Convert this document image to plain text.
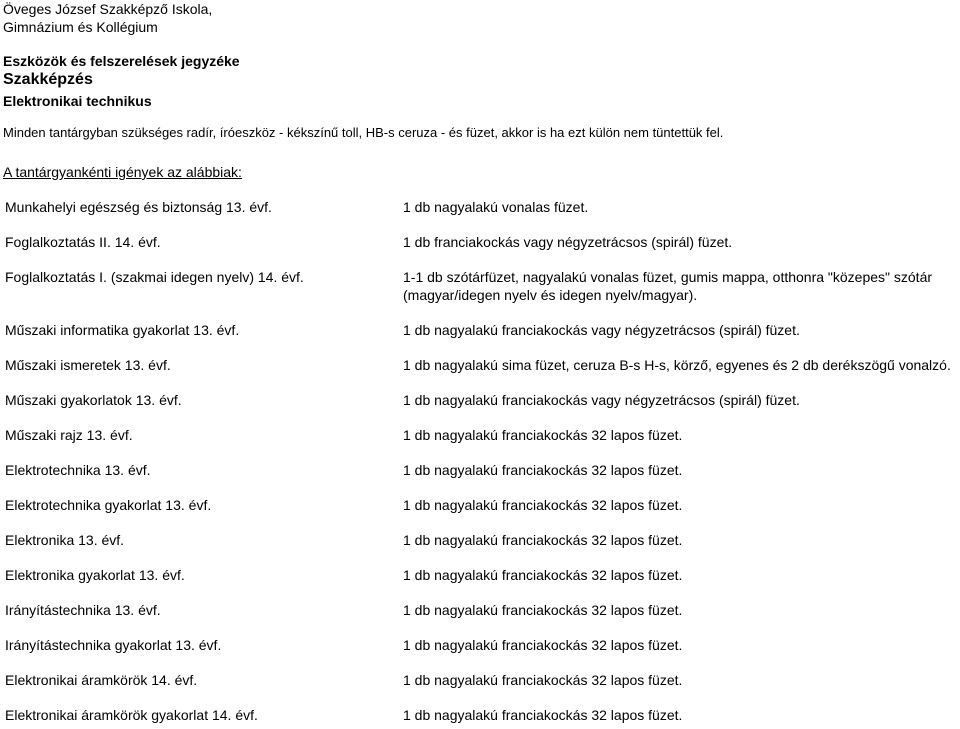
Öveges József Szakképző Iskola,
Gimnázium és Kollégium
Eszközök és felszerelések jegyzéke
Szakképzés
Elektronikai technikus
Minden tantárgyban szükséges radír, íróeszköz - kékszínű toll, HB-s ceruza - és füzet, akkor is ha ezt külön nem tüntettük fel.
A tantárgyankénti igények az alábbiak:
Munkahelyi egészség és biztonság 13. évf.	1 db nagyalakú vonalas füzet.
Foglalkoztatás II. 14. évf.	1 db franciakockás vagy négyzetrácsos (spirál) füzet.
Foglalkoztatás I. (szakmai idegen nyelv) 14. évf.	1-1 db szótárfüzet, nagyalakú vonalas füzet, gumis mappa, otthonra "közepes" szótár (magyar/idegen nyelv és idegen nyelv/magyar).
Műszaki informatika gyakorlat 13. évf.	1 db nagyalakú franciakockás vagy négyzetrácsos (spirál) füzet.
Műszaki ismeretek 13. évf.	1 db nagyalakú sima füzet, ceruza B-s H-s, körző, egyenes és 2 db derékszögű vonalzó.
Műszaki gyakorlatok 13. évf.	1 db nagyalakú franciakockás vagy négyzetrácsos (spirál) füzet.
Műszaki rajz 13. évf.	1 db nagyalakú franciakockás 32 lapos füzet.
Elektrotechnika 13. évf.	1 db nagyalakú franciakockás 32 lapos füzet.
Elektrotechnika gyakorlat 13. évf.	1 db nagyalakú franciakockás 32 lapos füzet.
Elektronika 13. évf.	1 db nagyalakú franciakockás 32 lapos füzet.
Elektronika gyakorlat 13. évf.	1 db nagyalakú franciakockás 32 lapos füzet.
Irányítástechnika 13. évf.	1 db nagyalakú franciakockás 32 lapos füzet.
Irányítástechnika gyakorlat 13. évf.	1 db nagyalakú franciakockás 32 lapos füzet.
Elektronikai áramkörök 14. évf.	1 db nagyalakú franciakockás 32 lapos füzet.
Elektronikai áramkörök gyakorlat 14. évf.	1 db nagyalakú franciakockás 32 lapos füzet.
